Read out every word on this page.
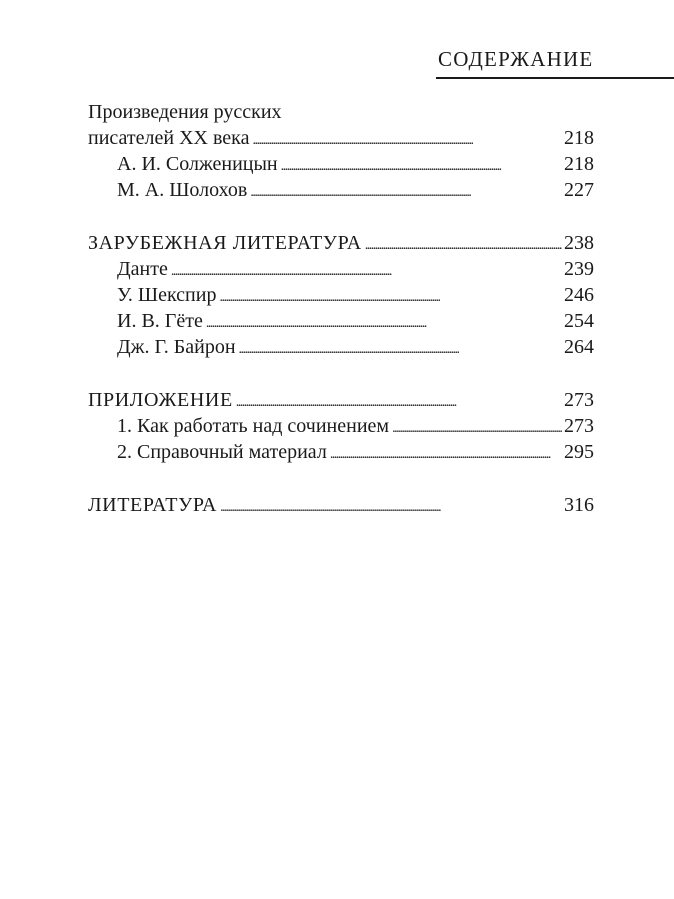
СОДЕРЖАНИЕ
Произведения русских
писателей XX века . . .	218
А. И. Солженицын . . .	218
М. А. Шолохов . . .	227
ЗАРУБЕЖНАЯ ЛИТЕРАТУРА . . .	238
Данте . . .	239
У. Шекспир . . .	246
И. В. Гёте . . .	254
Дж. Г. Байрон . . .	264
ПРИЛОЖЕНИЕ . . .	273
1. Как работать над сочинением . . .	273
2. Справочный материал . . .	295
ЛИТЕРАТУРА . . .	316
